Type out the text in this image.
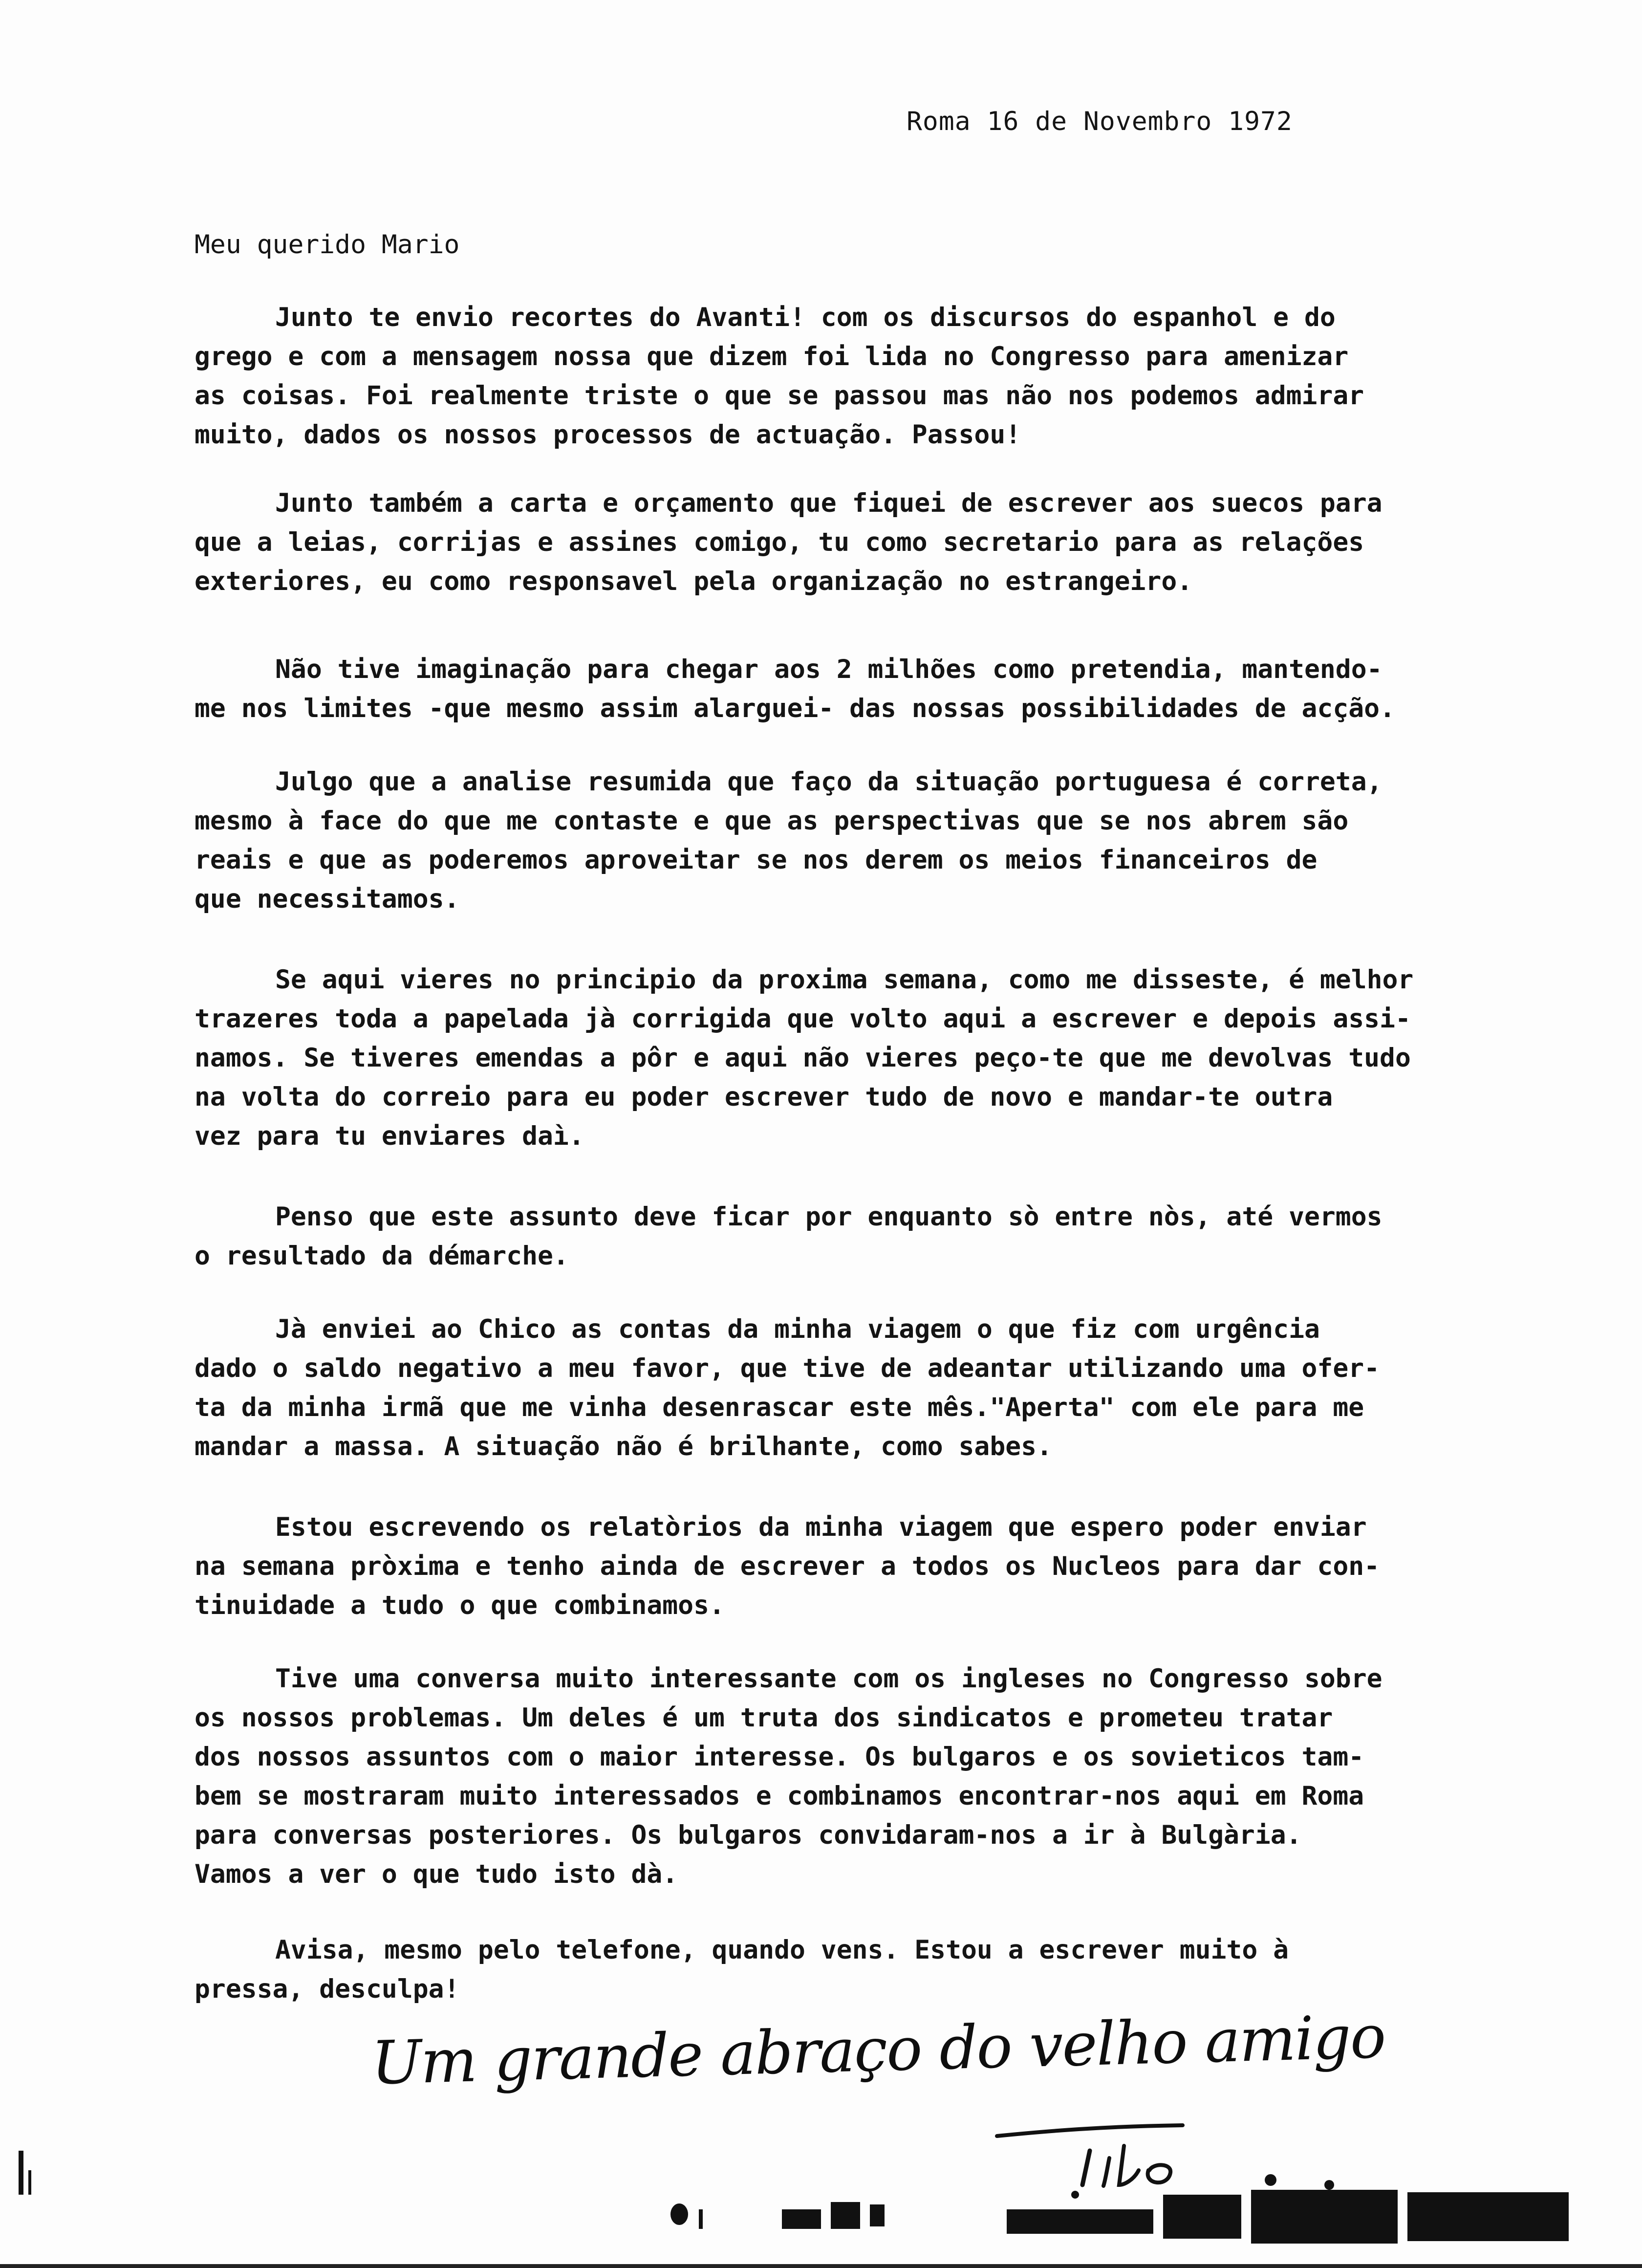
Roma 16 de Novembro 1972
Meu querido Mario
Junto te envio recortes do Avanti! com os discursos do espanhol e do
grego e com a mensagem nossa que dizem foi lida no Congresso para amenizar
as coisas. Foi realmente triste o que se passou mas não nos podemos admirar
muito, dados os nossos processos de actuação. Passou!
Junto também a carta e orçamento que fiquei de escrever aos suecos para
que a leias, corrijas e assines comigo, tu como secretario para as relações
exteriores, eu como responsavel pela organização no estrangeiro.
Não tive imaginação para chegar aos 2 milhões como pretendia, mantendo-
me nos limites -que mesmo assim alarguei- das nossas possibilidades de acção.
Julgo que a analise resumida que faço da situação portuguesa é correta,
mesmo à face do que me contaste e que as perspectivas que se nos abrem são
reais e que as poderemos aproveitar se nos derem os meios financeiros de
que necessitamos.
Se aqui vieres no principio da proxima semana, como me disseste, é melhor
trazeres toda a papelada jà corrigida que volto aqui a escrever e depois assi-
namos. Se tiveres emendas a pôr e aqui não vieres peço-te que me devolvas tudo
na volta do correio para eu poder escrever tudo de novo e mandar-te outra
vez para tu enviares daì.
Penso que este assunto deve ficar por enquanto sò entre nòs, até vermos
o resultado da démarche.
Jà enviei ao Chico as contas da minha viagem o que fiz com urgência
dado o saldo negativo a meu favor, que tive de adeantar utilizando uma ofer-
ta da minha irmã que me vinha desenrascar este mês."Aperta" com ele para me
mandar a massa. A situação não é brilhante, como sabes.
Estou escrevendo os relatòrios da minha viagem que espero poder enviar
na semana pròxima e tenho ainda de escrever a todos os Nucleos para dar con-
tinuidade a tudo o que combinamos.
Tive uma conversa muito interessante com os ingleses no Congresso sobre
os nossos problemas. Um deles é um truta dos sindicatos e prometeu tratar
dos nossos assuntos com o maior interesse. Os bulgaros e os sovieticos tam-
bem se mostraram muito interessados e combinamos encontrar-nos aqui em Roma
para conversas posteriores. Os bulgaros convidaram-nos a ir à Bulgària.
Vamos a ver o que tudo isto dà.
Avisa, mesmo pelo telefone, quando vens. Estou a escrever muito à
pressa, desculpa!
Um grande abraço do velho amigo
